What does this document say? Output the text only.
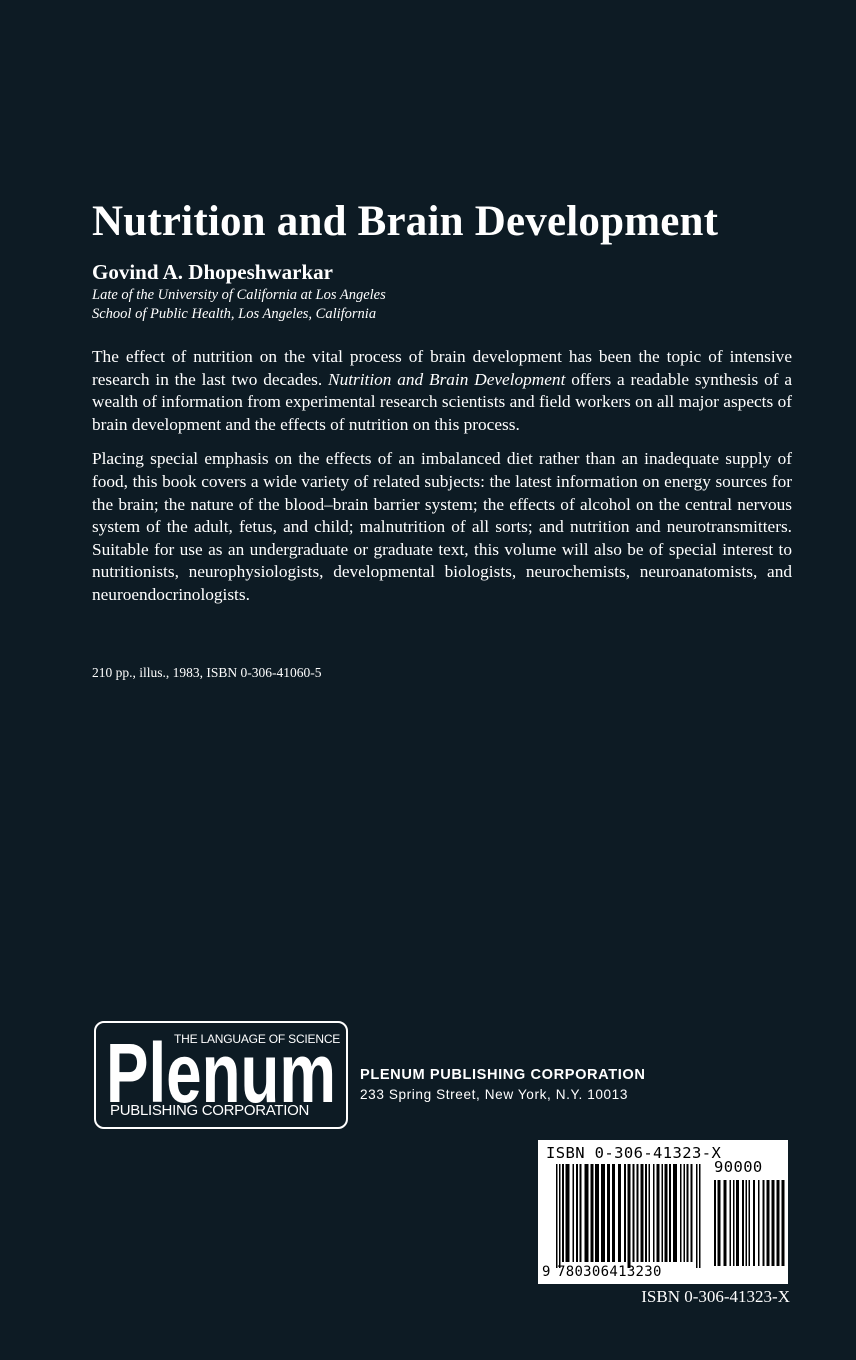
Nutrition and Brain Development

Govind A. Dhopeshwarkar

Late of the University of California at Los Angeles
School of Public Health, Los Angeles, California

The effect of nutrition on the vital process of brain development has been the topic of intensive research in the last two decades. Nutrition and Brain Development offers a readable synthesis of a wealth of information from experimental research scientists and field workers on all major aspects of brain development and the effects of nutrition on this process.

Placing special emphasis on the effects of an imbalanced diet rather than an inadequate supply of food, this book covers a wide variety of related subjects: the latest information on energy sources for the brain; the nature of the blood–brain barrier system; the effects of alcohol on the central nervous system of the adult, fetus, and child; malnutrition of all sorts; and nutrition and neurotransmitters. Suitable for use as an undergraduate or graduate text, this volume will also be of special interest to nutritionists, neurophysiologists, developmental biologists, neurochemists, neuroanatomists, and neuroendocrinologists.

210 pp., illus., 1983, ISBN 0-306-41060-5
Plenum
THE LANGUAGE OF SCIENCE
PUBLISHING CORPORATION
PLENUM PUBLISHING CORPORATION
233 Spring Street, New York, N.Y. 10013
ISBN 0-306-41323-X
90000
9 780306413230
ISBN 0-306-41323-X
